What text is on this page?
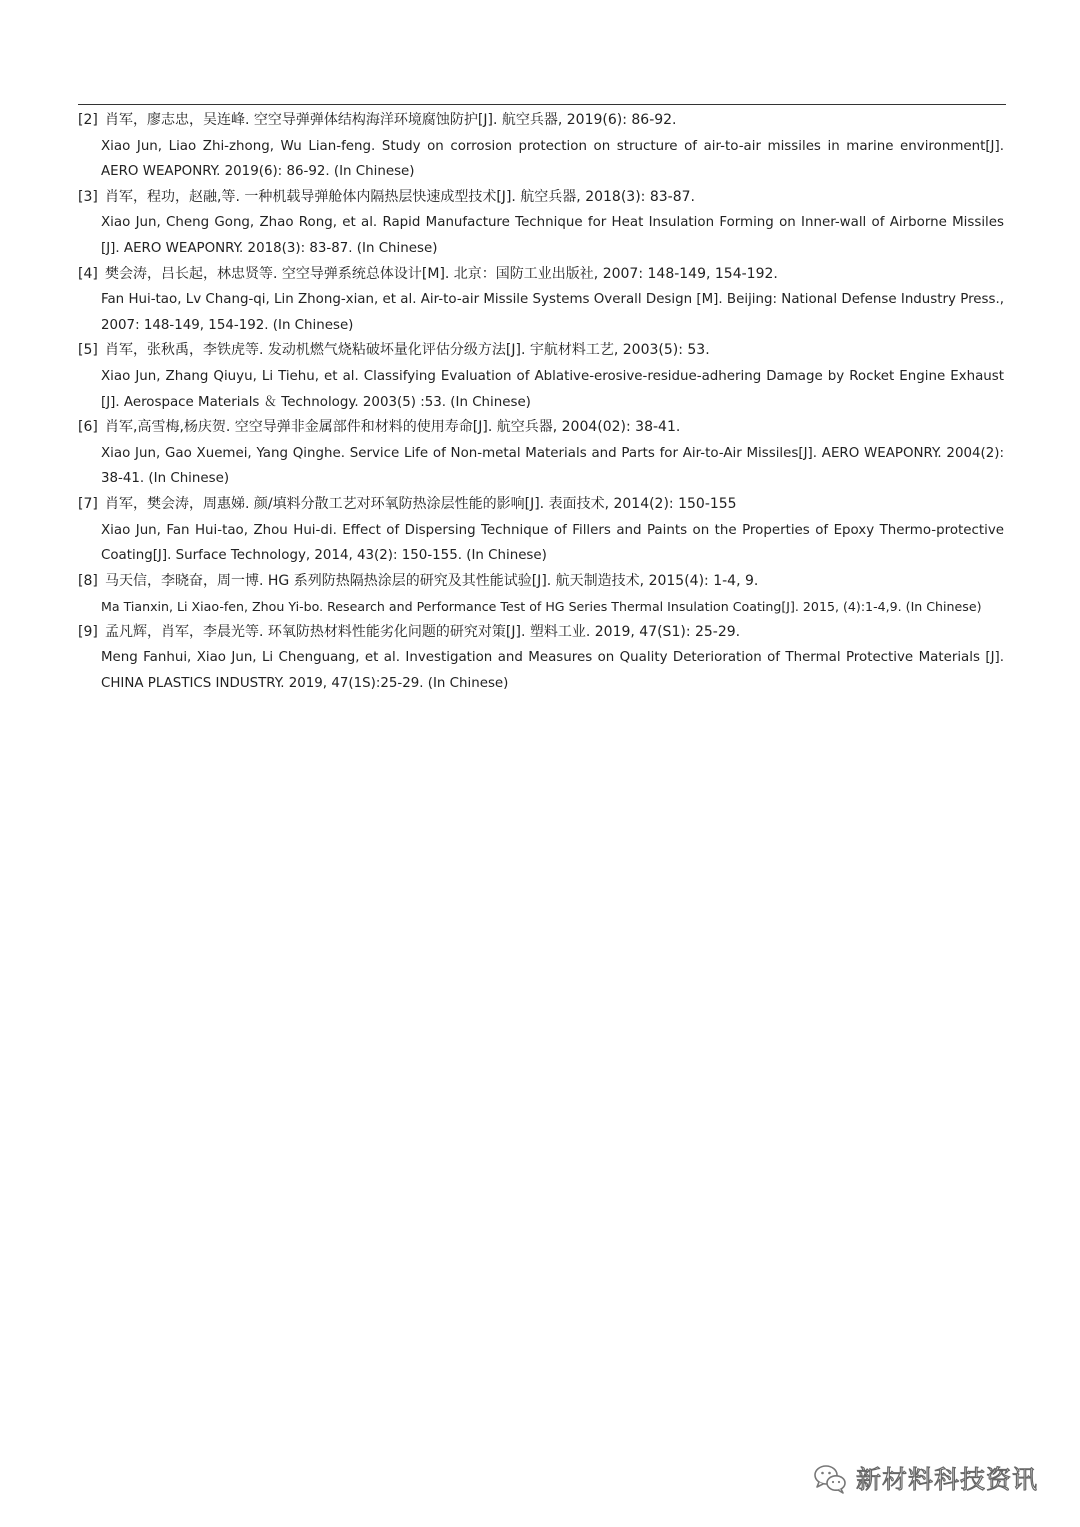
[2] 肖军，廖志忠，吴连峰. 空空导弹弹体结构海洋环境腐蚀防护[J]. 航空兵器, 2019(6): 86-92.
Xiao Jun, Liao Zhi-zhong, Wu Lian-feng. Study on corrosion protection on structure of air-to-air missiles in marine environment[J]. AERO WEAPONRY. 2019(6): 86-92. (In Chinese)
[3] 肖军，程功，赵融,等. 一种机载导弹舱体内隔热层快速成型技术[J]. 航空兵器, 2018(3): 83-87.
Xiao Jun, Cheng Gong, Zhao Rong, et al. Rapid Manufacture Technique for Heat Insulation Forming on Inner-wall of Airborne Missiles [J]. AERO WEAPONRY. 2018(3): 83-87. (In Chinese)
[4] 樊会涛，吕长起，林忠贤等. 空空导弹系统总体设计[M]. 北京：国防工业出版社, 2007: 148-149, 154-192.
Fan Hui-tao, Lv Chang-qi, Lin Zhong-xian, et al. Air-to-air Missile Systems Overall Design [M]. Beijing: National Defense Industry Press., 2007: 148-149, 154-192. (In Chinese)
[5] 肖军，张秋禹，李铁虎等. 发动机燃气烧粘破坏量化评估分级方法[J]. 宇航材料工艺, 2003(5): 53.
Xiao Jun, Zhang Qiuyu, Li Tiehu, et al. Classifying Evaluation of Ablative-erosive-residue-adhering Damage by Rocket Engine Exhaust [J]. Aerospace Materials ＆ Technology. 2003(5) :53. (In Chinese)
[6] 肖军,高雪梅,杨庆贺. 空空导弹非金属部件和材料的使用寿命[J]. 航空兵器, 2004(02): 38-41.
Xiao Jun, Gao Xuemei, Yang Qinghe. Service Life of Non-metal Materials and Parts for Air-to-Air Missiles[J]. AERO WEAPONRY. 2004(2): 38-41. (In Chinese)
[7] 肖军，樊会涛，周惠娣. 颜/填料分散工艺对环氧防热涂层性能的影响[J]. 表面技术, 2014(2): 150-155
Xiao Jun, Fan Hui-tao, Zhou Hui-di. Effect of Dispersing Technique of Fillers and Paints on the Properties of Epoxy Thermo-protective Coating[J]. Surface Technology, 2014, 43(2): 150-155. (In Chinese)
[8] 马天信，李晓奋，周一博. HG 系列防热隔热涂层的研究及其性能试验[J]. 航天制造技术, 2015(4): 1-4, 9.
Ma Tianxin, Li Xiao-fen, Zhou Yi-bo. Research and Performance Test of HG Series Thermal Insulation Coating[J]. 2015, (4):1-4,9. (In Chinese)
[9] 孟凡辉，肖军，李晨光等. 环氧防热材料性能劣化问题的研究对策[J]. 塑料工业. 2019, 47(S1): 25-29.
Meng Fanhui, Xiao Jun, Li Chenguang, et al. Investigation and Measures on Quality Deterioration of Thermal Protective Materials [J]. CHINA PLASTICS INDUSTRY. 2019, 47(1S):25-29. (In Chinese)
新材料科技资讯
